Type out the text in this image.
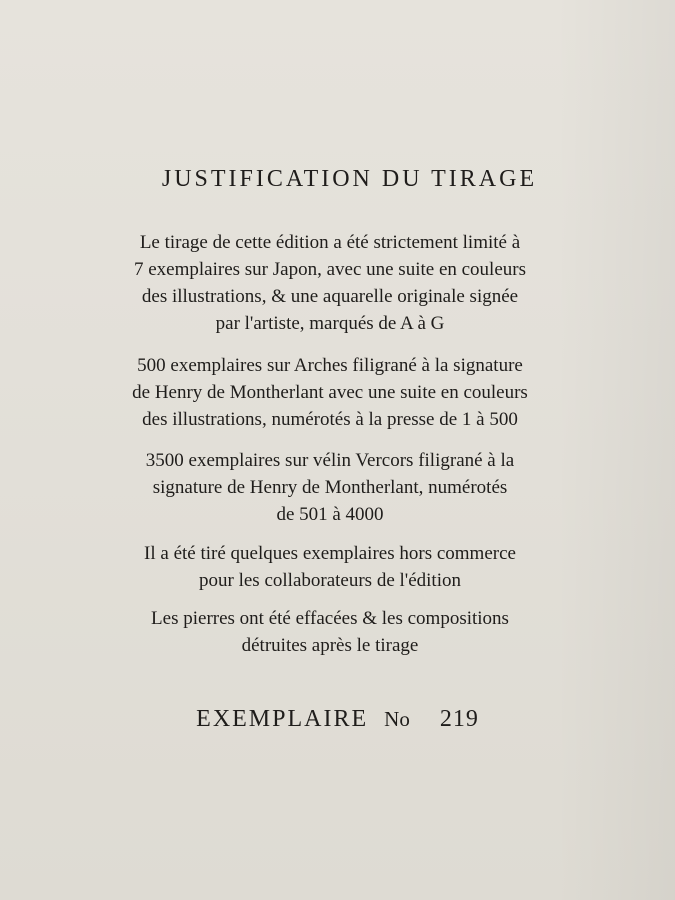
JUSTIFICATION DU TIRAGE

Le tirage de cette édition a été strictement limité à
7 exemplaires sur Japon, avec une suite en couleurs
des illustrations, & une aquarelle originale signée
par l'artiste, marqués de A à G

500 exemplaires sur Arches filigrané à la signature
de Henry de Montherlant avec une suite en couleurs
des illustrations, numérotés à la presse de 1 à 500

3500 exemplaires sur vélin Vercors filigrané à la
signature de Henry de Montherlant, numérotés
de 501 à 4000

Il a été tiré quelques exemplaires hors commerce
pour les collaborateurs de l'édition

Les pierres ont été effacées & les compositions
détruites après le tirage

EXEMPLAIRE No 219
